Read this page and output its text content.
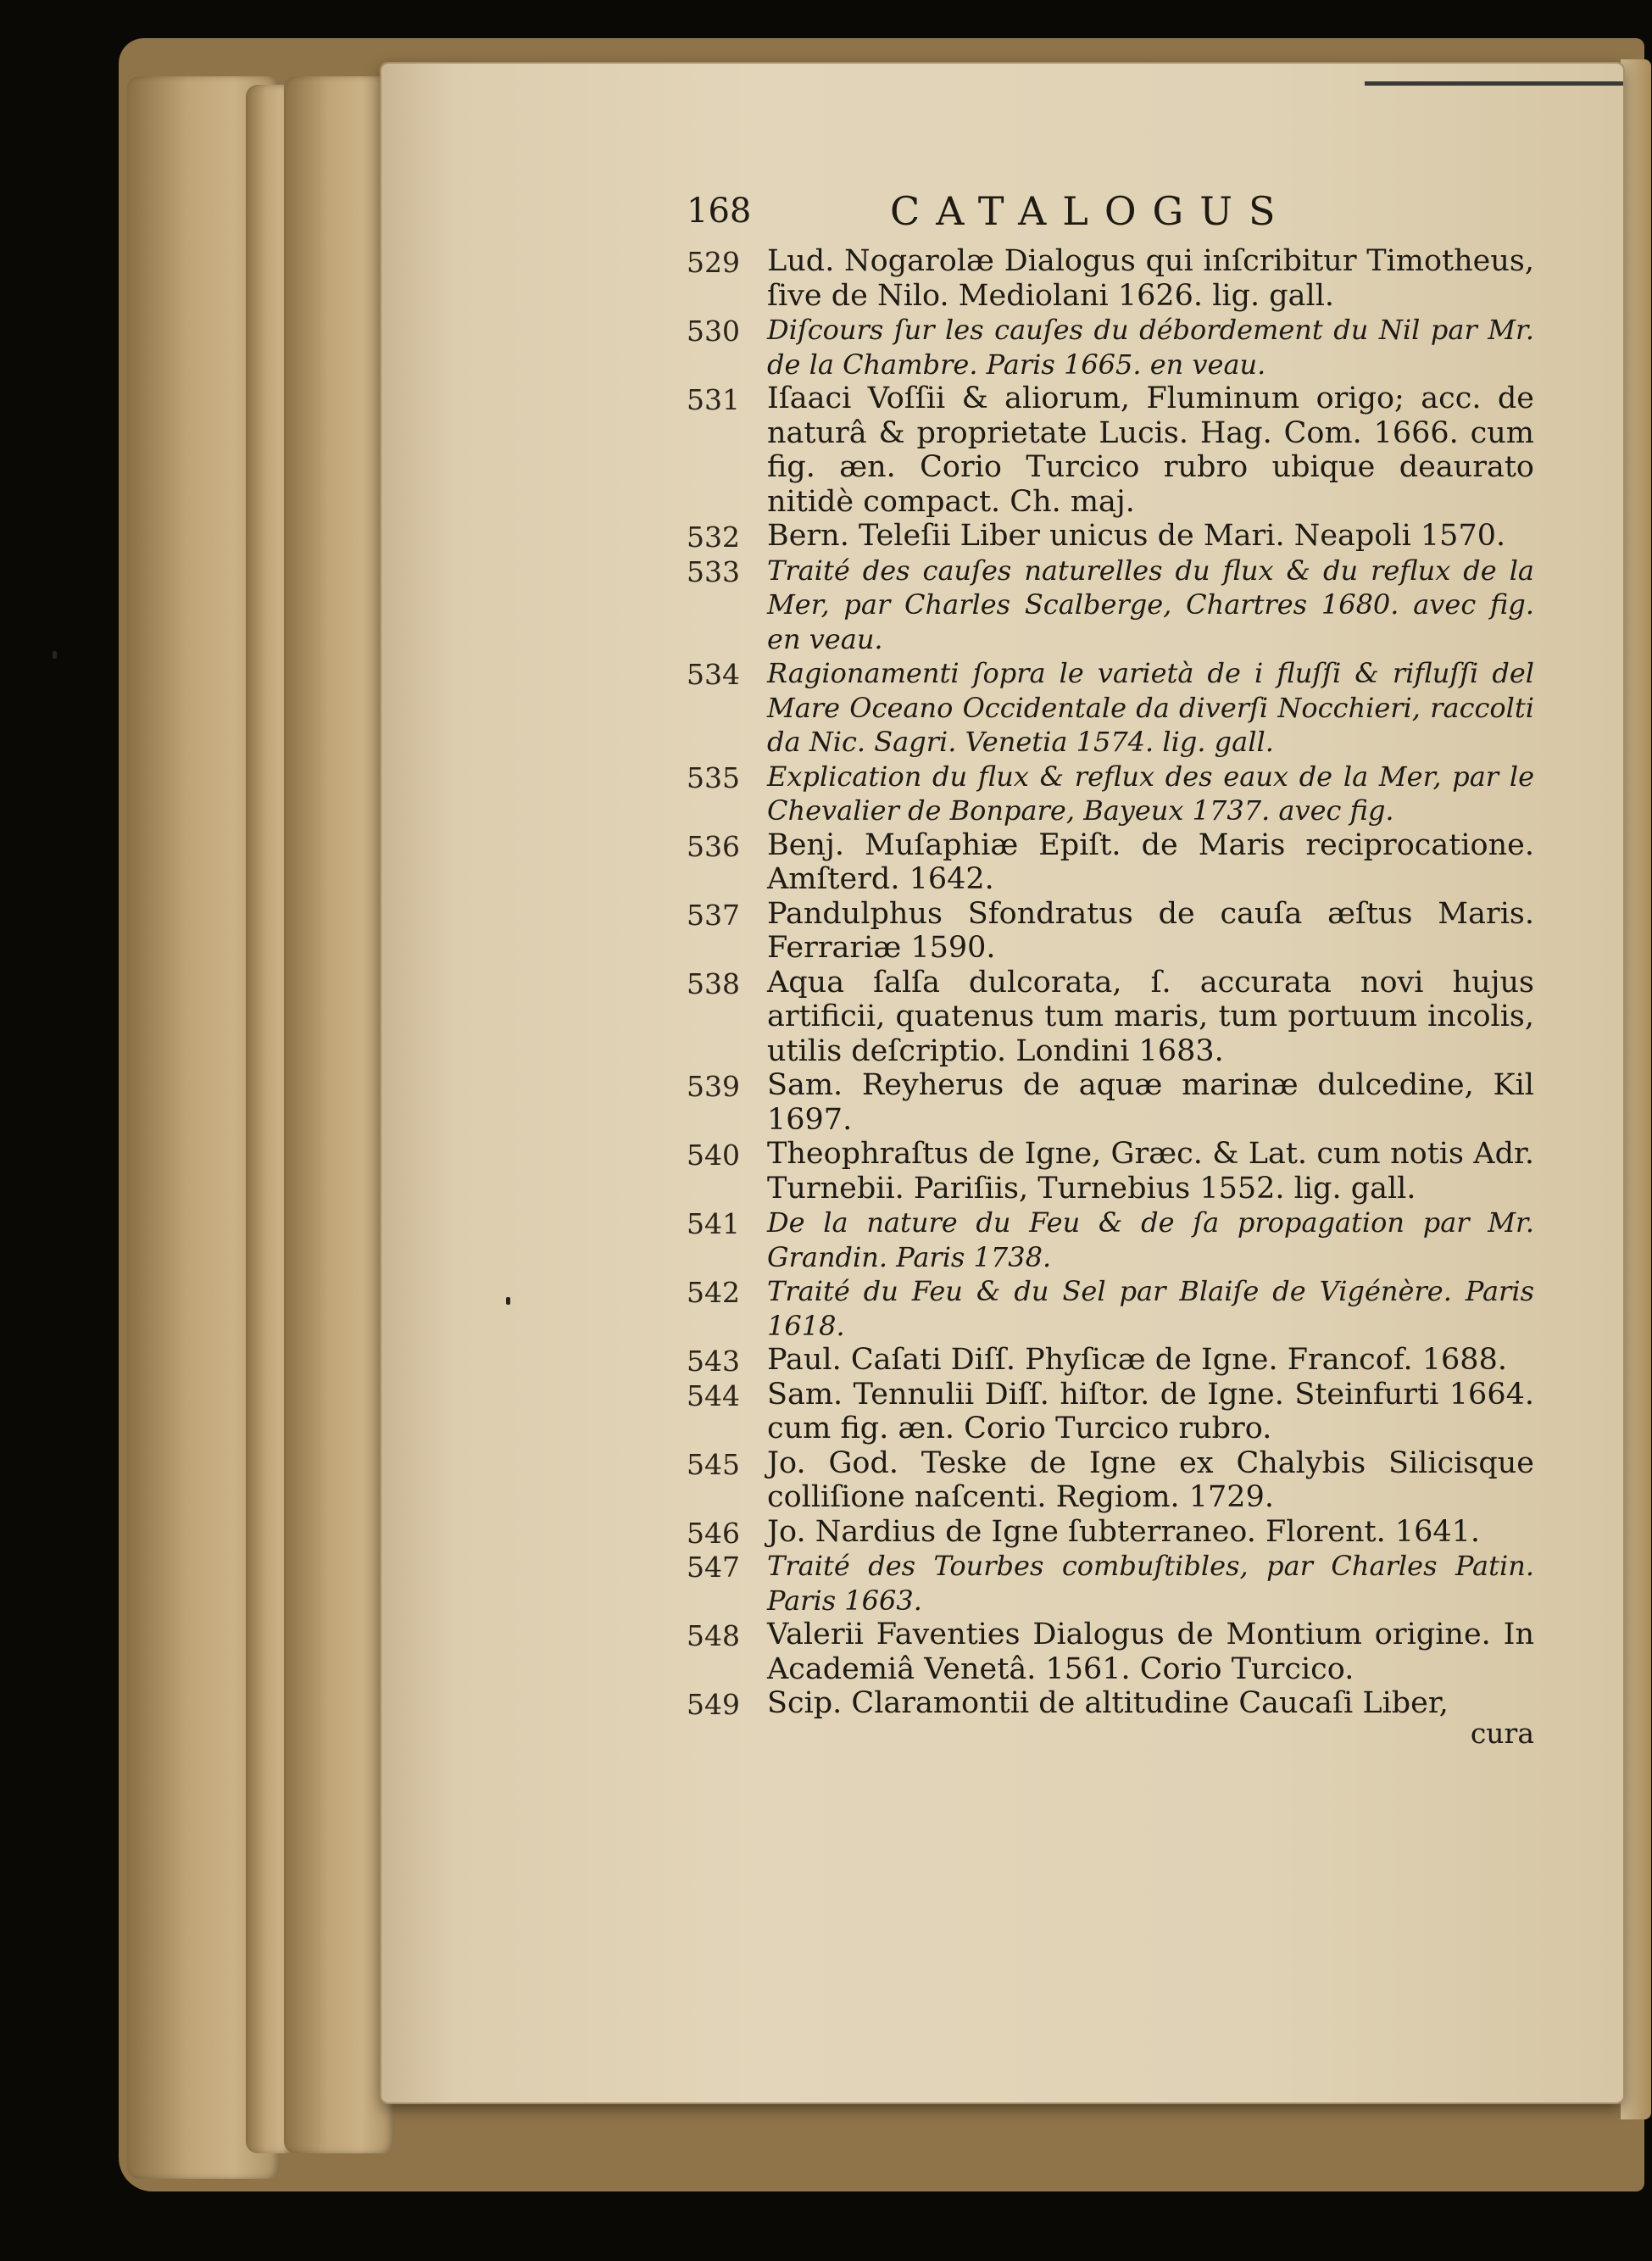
168	CATALOGUS
529 Lud. Nogarolæ Dialogus qui inſcribitur Timotheus, ſive de Nilo. Mediolani 1626. lig. gall.
530	Diſcours ſur les cauſes du débordement du Nil par Mr. de la Chambre. Paris 1665. en veau.
531 Iſaaci Voſſii & aliorum, Fluminum origo; acc. de naturâ & proprietate Lucis. Hag. Com. 1666. cum fig. æn. Corio Turcico rubro ubique deaurato nitidè compact. Ch. maj.
532 Bern. Teleſii Liber unicus de Mari. Neapoli 1570.
533	Traité des cauſes naturelles du flux & du reflux de la Mer, par Charles Scalberge, Chartres 1680. avec fig. en veau.
534	Ragionamenti ſopra le varietà de i fluſſi & rifluſſi del Mare Oceano Occidentale da diverſi Nocchieri, raccolti da Nic. Sagri. Venetia 1574. lig. gall.
535	Explication du flux & reflux des eaux de la Mer, par le Chevalier de Bonpare, Bayeux 1737. avec fig.
536 Benj. Muſaphiæ Epiſt. de Maris reciprocatione. Amſterd. 1642.
537 Pandulphus Sfondratus de cauſa æſtus Maris. Ferrariæ 1590.
538 Aqua ſalſa dulcorata, ſ. accurata novi hujus artificii, quatenus tum maris, tum portuum incolis, utilis deſcriptio. Londini 1683.
539 Sam. Reyherus de aquæ marinæ dulcedine, Kil 1697.
540 Theophraſtus de Igne, Græc. & Lat. cum notis Adr. Turnebii. Pariſiis, Turnebius 1552. lig. gall.
541	De la nature du Feu & de ſa propagation par Mr. Grandin. Paris 1738.
542	Traité du Feu & du Sel par Blaiſe de Vigénère. Paris 1618.
543 Paul. Caſati Diſſ. Phyſicæ de Igne. Francof. 1688.
544 Sam. Tennulii Diſſ. hiſtor. de Igne. Steinfurti 1664. cum fig. æn. Corio Turcico rubro.
545 Jo. God. Teske de Igne ex Chalybis Silicisque colliſione naſcenti. Regiom. 1729.
546 Jo. Nardius de Igne ſubterraneo. Florent. 1641.
547	Traité des Tourbes combuſtibles, par Charles Patin. Paris 1663.
548 Valerii Faventies Dialogus de Montium origine. In Academiâ Venetâ. 1561. Corio Turcico.
549 Scip. Claramontii de altitudine Caucaſi Liber,
cura
